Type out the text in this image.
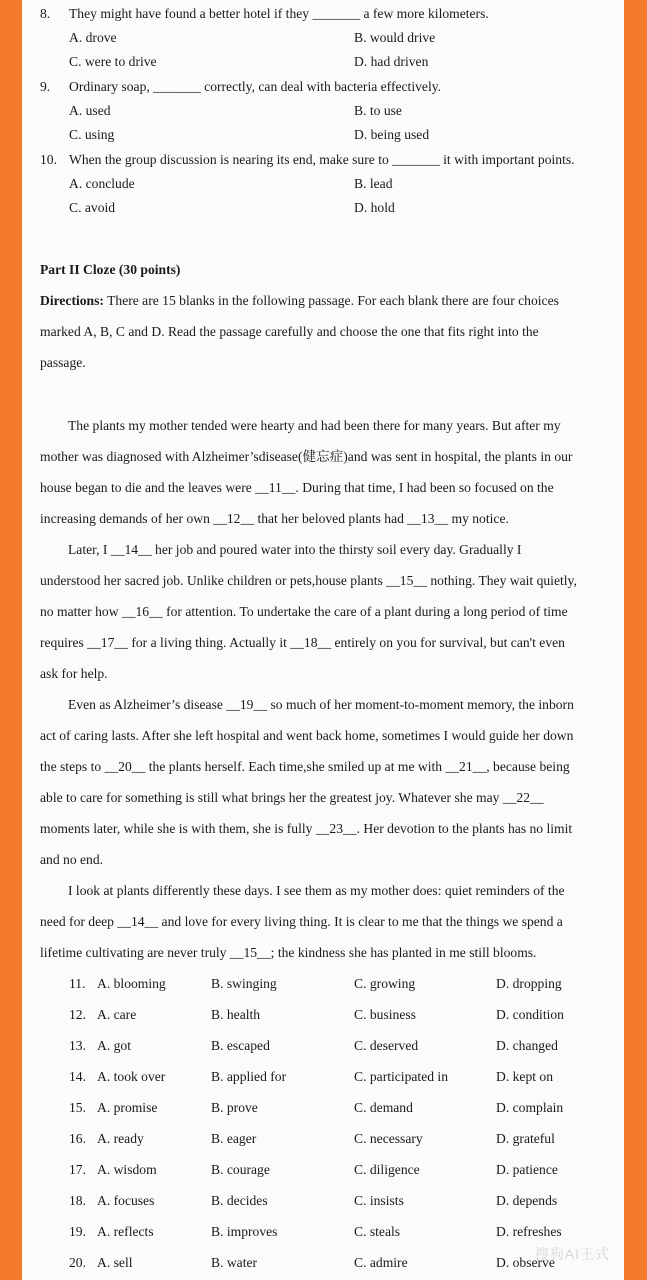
8. They might have found a better hotel if they _______ a few more kilometers.
A. drove	B. would drive
C. were to drive	D. had driven
9. Ordinary soap, _______ correctly, can deal with bacteria effectively.
A. used	B. to use
C. using	D. being used
10. When the group discussion is nearing its end, make sure to _______ it with important points.
A. conclude	B. lead
C. avoid	D. hold
Part II Cloze (30 points)
Directions: There are 15 blanks in the following passage. For each blank there are four choices
marked A, B, C and D. Read the passage carefully and choose the one that fits right into the
passage.
The plants my mother tended were hearty and had been there for many years. But after my
mother was diagnosed with Alzheimer’sdisease(健忘症)and was sent in hospital, the plants in our
house began to die and the leaves were __11__. During that time, I had been so focused on the
increasing demands of her own __12__ that her beloved plants had __13__ my notice.
Later, I __14__ her job and poured water into the thirsty soil every day. Gradually I
understood her sacred job. Unlike children or pets,house plants __15__ nothing. They wait quietly,
no matter how __16__ for attention. To undertake the care of a plant during a long period of time
requires __17__ for a living thing. Actually it __18__ entirely on you for survival, but can't even
ask for help.
Even as Alzheimer’s disease __19__ so much of her moment-to-moment memory, the inborn
act of caring lasts. After she left hospital and went back home, sometimes I would guide her down
the steps to __20__ the plants herself. Each time,she smiled up at me with __21__, because being
able to care for something is still what brings her the greatest joy. Whatever she may __22__
moments later, while she is with them, she is fully __23__. Her devotion to the plants has no limit
and no end.
I look at plants differently these days. I see them as my mother does: quiet reminders of the
need for deep __14__ and love for every living thing. It is clear to me that the things we spend a
lifetime cultivating are never truly __15__; the kindness she has planted in me still blooms.
11. A. blooming	B. swinging	C. growing	D. dropping
12. A. care	B. health	C. business	D. condition
13. A. got	B. escaped	C. deserved	D. changed
14. A. took over	B. applied for	C. participated in	D. kept on
15. A. promise	B. prove	C. demand	D. complain
16. A. ready	B. eager	C. necessary	D. grateful
17. A. wisdom	B. courage	C. diligence	D. patience
18. A. focuses	B. decides	C. insists	D. depends
19. A. reflects	B. improves	C. steals	D. refreshes
20. A. sell	B. water	C. admire	D. observe
搜狗AI王式
